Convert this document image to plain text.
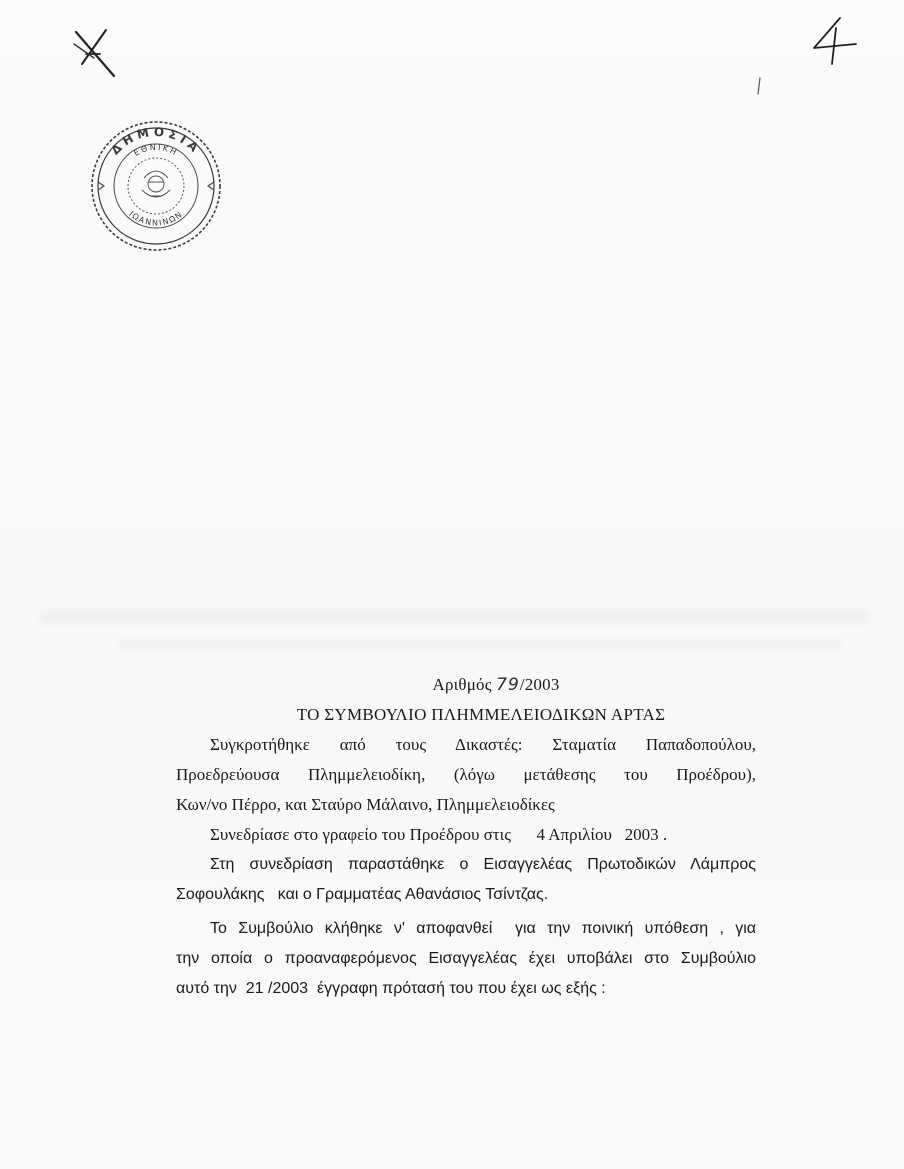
ΔΗΜΟΣΙΑ
ΕΘΝΙΚΗ
ΙΩΑΝΝΙΝΩΝ
Αριθμός 79/2003
ΤΟ ΣΥΜΒΟΥΛΙΟ ΠΛΗΜΜΕΛΕΙΟΔΙΚΩΝ ΑΡΤΑΣ
Συγκροτήθηκε από τους Δικαστές: Σταματία Παπαδοπούλου,
Προεδρεύουσα Πλημμελειοδίκη, (λόγω μετάθεσης του Προέδρου),
Κων/νο Πέρρο, και Σταύρο Μάλαινο, Πλημμελειοδίκες
Συνεδρίασε στο γραφείο του Προέδρου στις      4 Απριλίου   2003 .
Στη συνεδρίαση παραστάθηκε ο Εισαγγελέας Πρωτοδικών Λάμπρος
Σοφουλάκης   και ο Γραμματέας Αθανάσιος Τσίντζας.
Το Συμβούλιο κλήθηκε ν' αποφανθεί  για την ποινική υπόθεση , για
την οποία ο προαναφερόμενος Εισαγγελέας έχει υποβάλει στο Συμβούλιο
αυτό την  21 /2003  έγγραφη πρότασή του που έχει ως εξής :
